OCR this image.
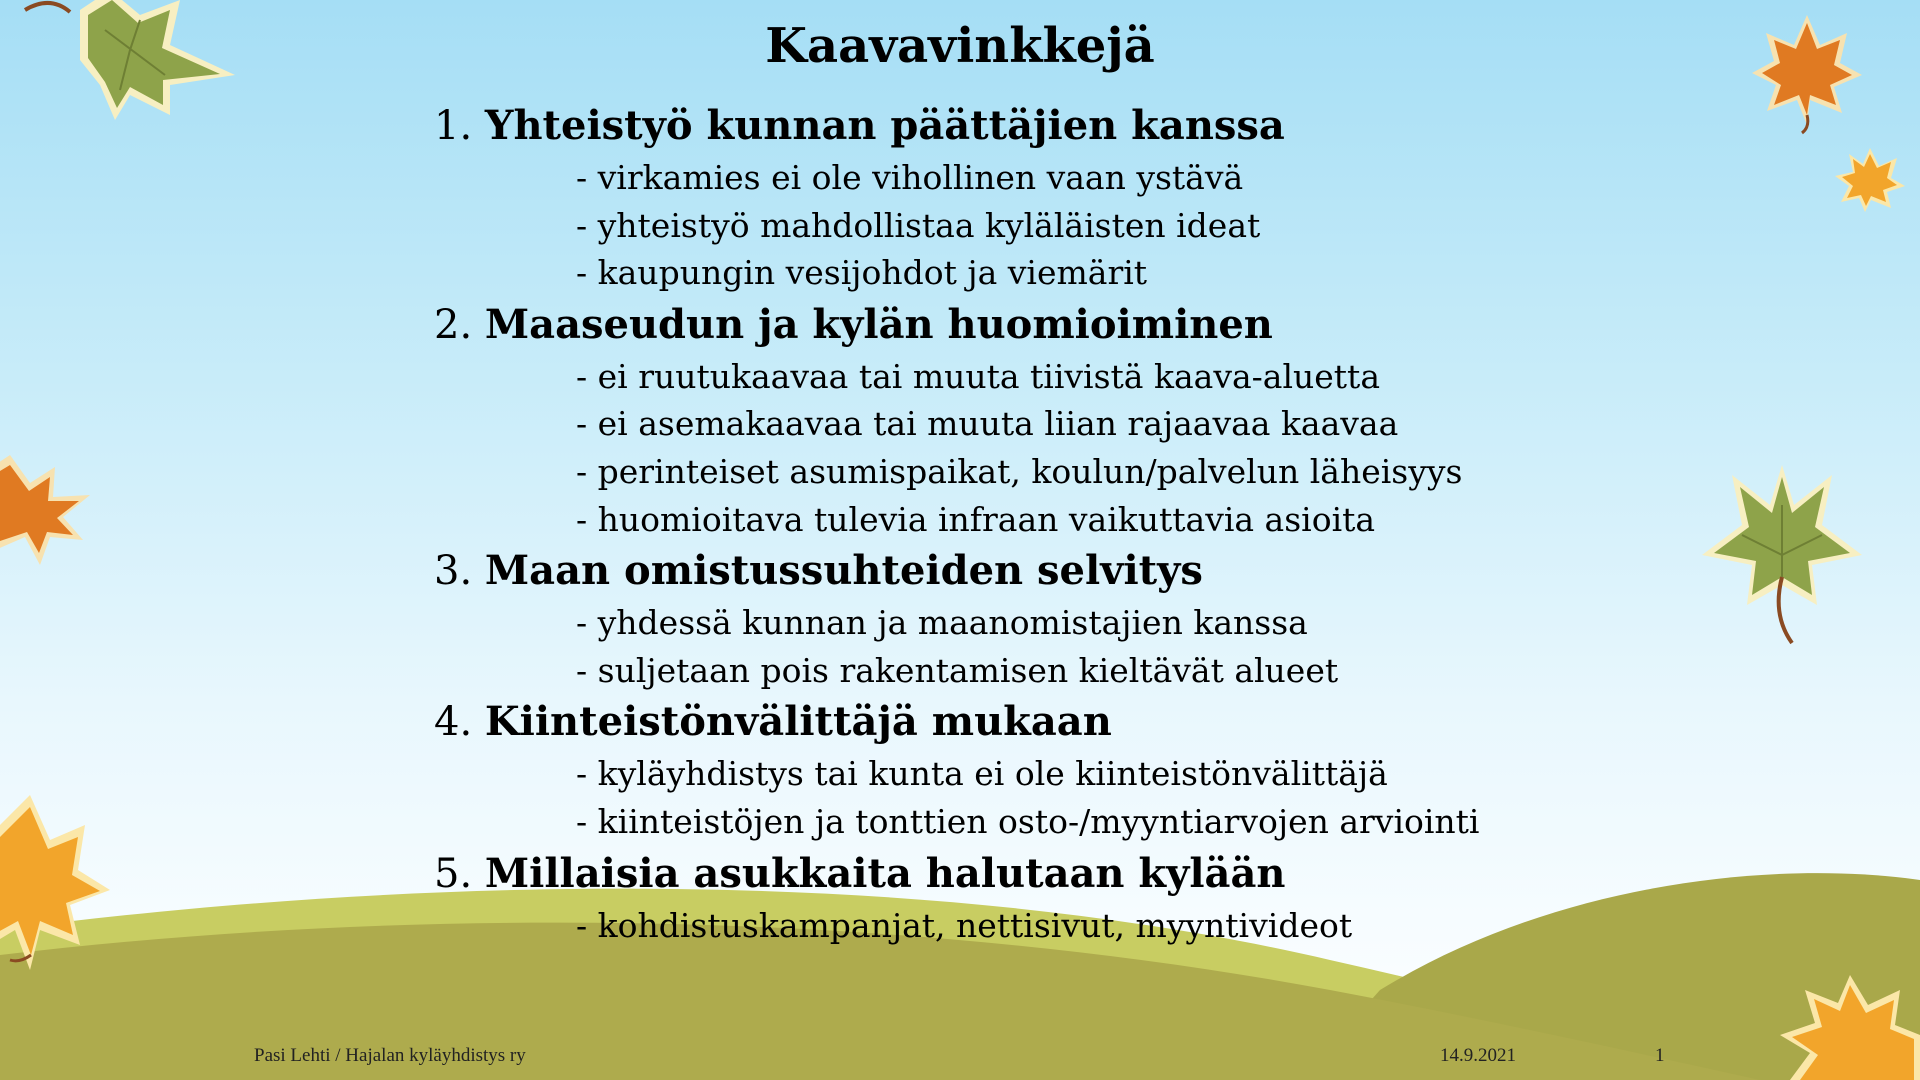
Kaavavinkkejä
1. Yhteistyö kunnan päättäjien kanssa
- virkamies ei ole vihollinen vaan ystävä
- yhteistyö mahdollistaa kyläläisten ideat
- kaupungin vesijohdot ja viemärit
2. Maaseudun ja kylän huomioiminen
- ei ruutukaavaa tai muuta tiivistä kaava-aluetta
- ei asemakaavaa tai muuta liian rajaavaa kaavaa
- perinteiset asumispaikat, koulun/palvelun läheisyys
- huomioitava tulevia infraan vaikuttavia asioita
3. Maan omistussuhteiden selvitys
- yhdessä kunnan ja maanomistajien kanssa
- suljetaan pois rakentamisen kieltävät alueet
4. Kiinteistönvälittäjä mukaan
- kyläyhdistys tai kunta ei ole kiinteistönvälittäjä
- kiinteistöjen ja tonttien osto-/myyntiarvojen arviointi
5. Millaisia asukkaita halutaan kylään
- kohdistuskampanjat, nettisivut, myyntivideot
Pasi Lehti / Hajalan kyläyhdistys ry	14.9.2021	1
